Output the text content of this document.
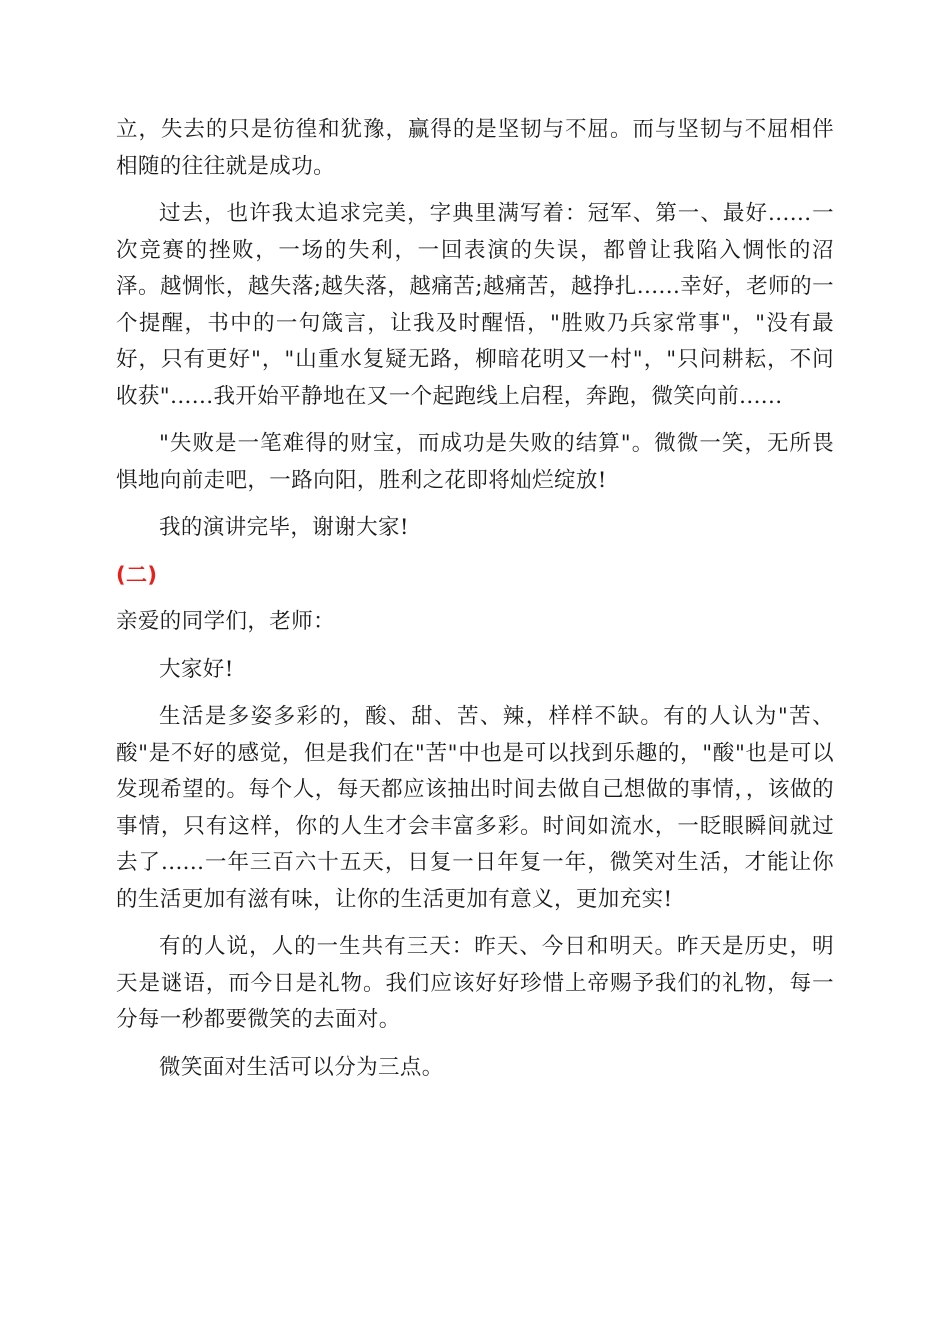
立，失去的只是彷徨和犹豫，赢得的是坚韧与不屈。而与坚韧与不屈相伴相随的往往就是成功。

过去，也许我太追求完美，字典里满写着：冠军、第一、最好......一次竞赛的挫败，一场的失利，一回表演的失误，都曾让我陷入惆怅的沼泽。越惆怅，越失落;越失落，越痛苦;越痛苦，越挣扎......幸好，老师的一个提醒，书中的一句箴言，让我及时醒悟，"胜败乃兵家常事"，"没有最好，只有更好"，"山重水复疑无路，柳暗花明又一村"，"只问耕耘，不问收获"......我开始平静地在又一个起跑线上启程，奔跑，微笑向前......

"失败是一笔难得的财宝，而成功是失败的结算"。微微一笑，无所畏惧地向前走吧，一路向阳，胜利之花即将灿烂绽放!

我的演讲完毕，谢谢大家!

(二)

亲爱的同学们，老师：

大家好!

生活是多姿多彩的，酸、甜、苦、辣，样样不缺。有的人认为"苦、酸"是不好的感觉，但是我们在"苦"中也是可以找到乐趣的，"酸"也是可以发现希望的。每个人，每天都应该抽出时间去做自己想做的事情，，该做的事情，只有这样，你的人生才会丰富多彩。时间如流水，一眨眼瞬间就过去了......一年三百六十五天，日复一日年复一年，微笑对生活，才能让你的生活更加有滋有味，让你的生活更加有意义，更加充实!

有的人说，人的一生共有三天：昨天、今日和明天。昨天是历史，明天是谜语，而今日是礼物。我们应该好好珍惜上帝赐予我们的礼物，每一分每一秒都要微笑的去面对。

微笑面对生活可以分为三点。
